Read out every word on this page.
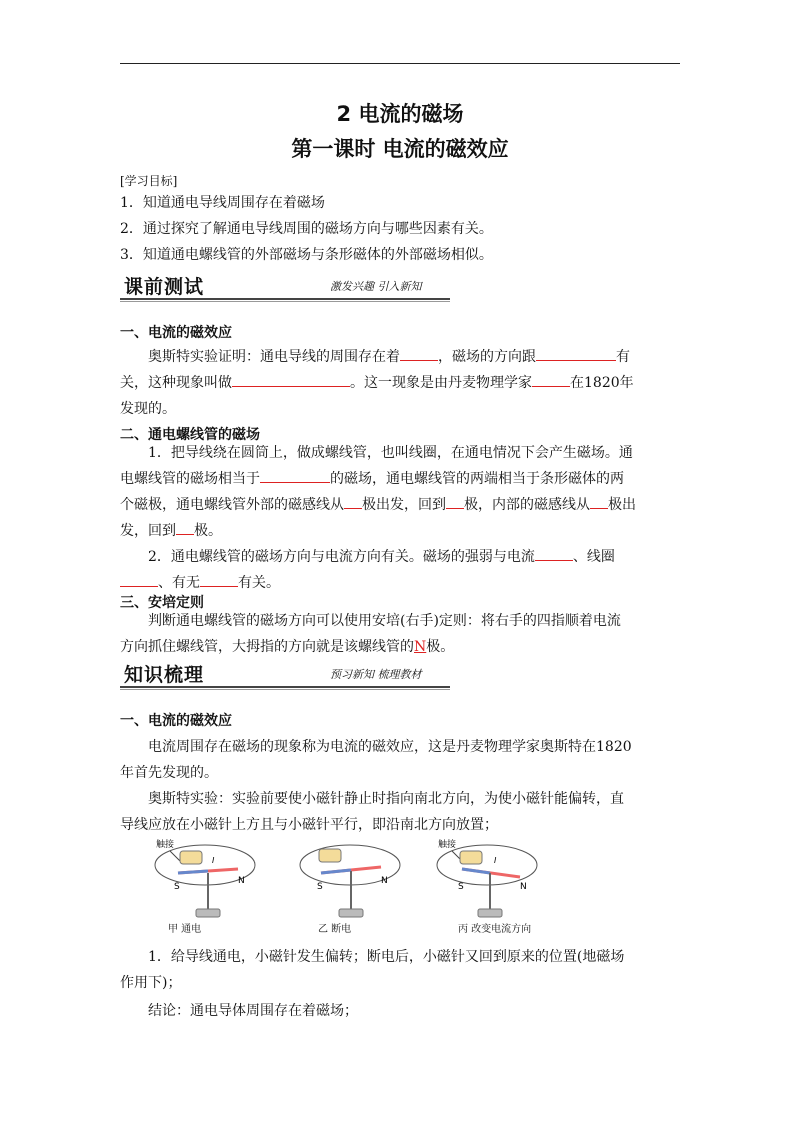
2 电流的磁场
第一课时 电流的磁效应
[学习目标]
1．知道通电导线周围存在着磁场
2．通过探究了解通电导线周围的磁场方向与哪些因素有关。
3．知道通电螺线管的外部磁场与条形磁体的外部磁场相似。
课前测试	激发兴趣 引入新知
一、电流的磁效应
奥斯特实验证明：通电导线的周围存在着	，磁场的方向跟	有
关，这种现象叫做	。这一现象是由丹麦物理学家	在1820年
发现的。
二、通电螺线管的磁场
1．把导线绕在圆筒上，做成螺线管，也叫线圈，在通电情况下会产生磁场。通
电螺线管的磁场相当于	的磁场，通电螺线管的两端相当于条形磁体的两
个磁极，通电螺线管外部的磁感线从 极出发，回到 极，内部的磁感线从 极出
发，回到 极。
2．通电螺线管的磁场方向与电流方向有关。磁场的强弱与电流	、线圈
、有无	有关。
三、安培定则
判断通电螺线管的磁场方向可以使用安培(右手)定则：将右手的四指顺着电流
方向抓住螺线管，大拇指的方向就是该螺线管的N极。
知识梳理	预习新知 梳理教材
一、电流的磁效应
电流周围存在磁场的现象称为电流的磁效应，这是丹麦物理学家奥斯特在1820
年首先发现的。
奥斯特实验：实验前要使小磁针静止时指向南北方向，为使小磁针能偏转，直
导线应放在小磁针上方且与小磁针平行，即沿南北方向放置；
触接
S
N
I
甲 通电
S
N
乙 断电
触接
S	N
I
丙 改变电流方向
1．给导线通电，小磁针发生偏转；断电后，小磁针又回到原来的位置(地磁场
作用下)；
结论：通电导体周围存在着磁场；
